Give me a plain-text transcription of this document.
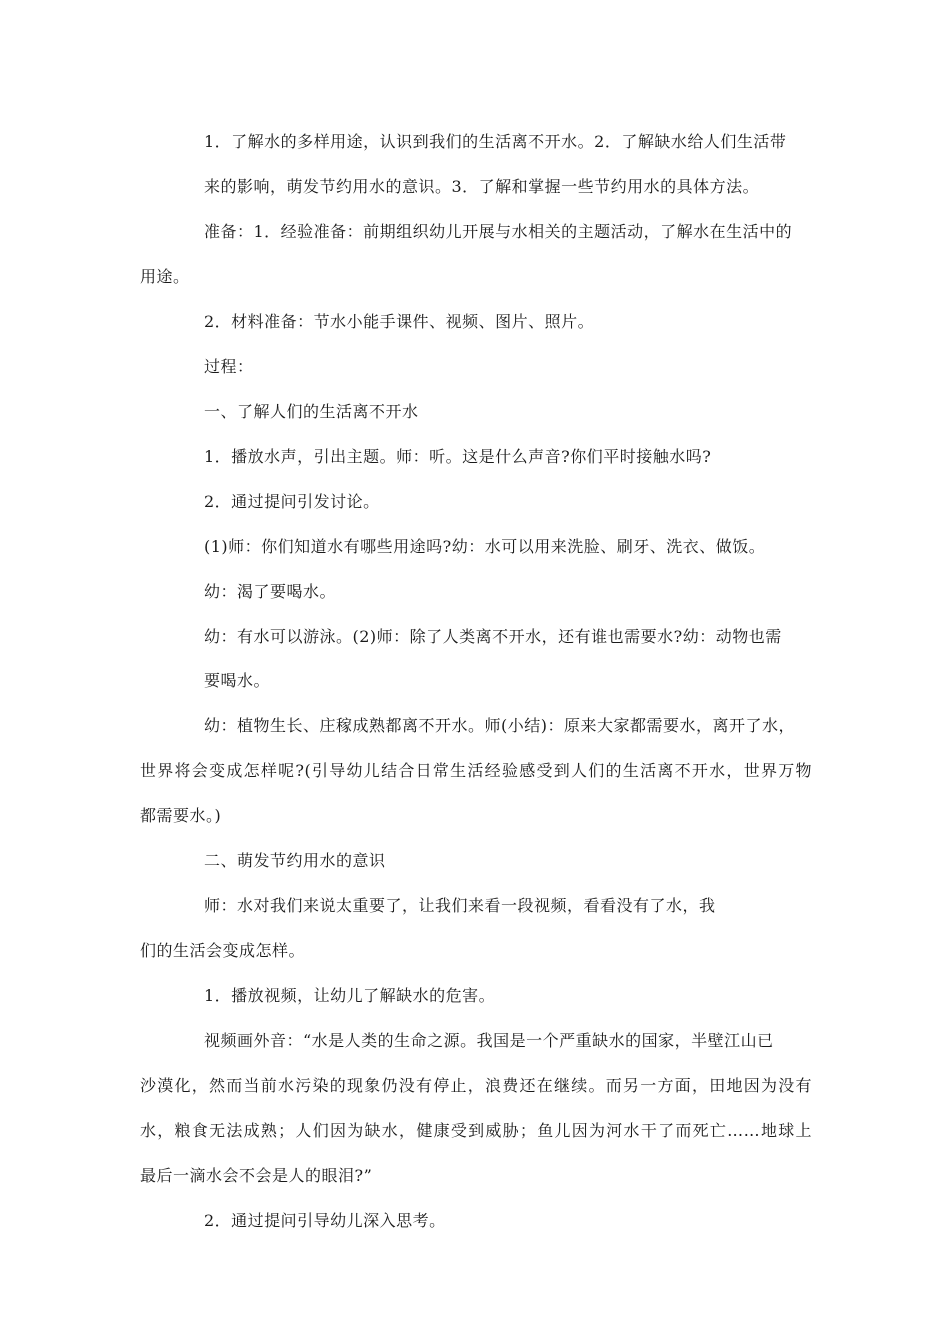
1．了解水的多样用途，认识到我们的生活离不开水。2．了解缺水给人们生活带
来的影响，萌发节约用水的意识。3．了解和掌握一些节约用水的具体方法。
准备：1．经验准备：前期组织幼儿开展与水相关的主题活动，了解水在生活中的
用途。
2．材料准备：节水小能手课件、视频、图片、照片。
过程：
一、了解人们的生活离不开水
1．播放水声，引出主题。师：听。这是什么声音?你们平时接触水吗?
2．通过提问引发讨论。
(1)师：你们知道水有哪些用途吗?幼：水可以用来洗脸、刷牙、洗衣、做饭。
幼：渴了要喝水。
幼：有水可以游泳。(2)师：除了人类离不开水，还有谁也需要水?幼：动物也需
要喝水。
幼：植物生长、庄稼成熟都离不开水。师(小结)：原来大家都需要水，离开了水，
世界将会变成怎样呢?(引导幼儿结合日常生活经验感受到人们的生活离不开水，世界万物
都需要水。)
二、萌发节约用水的意识
师：水对我们来说太重要了，让我们来看一段视频，看看没有了水，我
们的生活会变成怎样。
1．播放视频，让幼儿了解缺水的危害。
视频画外音：“水是人类的生命之源。我国是一个严重缺水的国家，半壁江山已
沙漠化，然而当前水污染的现象仍没有停止，浪费还在继续。而另一方面，田地因为没有
水，粮食无法成熟；人们因为缺水，健康受到威胁；鱼儿因为河水干了而死亡……地球上
最后一滴水会不会是人的眼泪?”
2．通过提问引导幼儿深入思考。
